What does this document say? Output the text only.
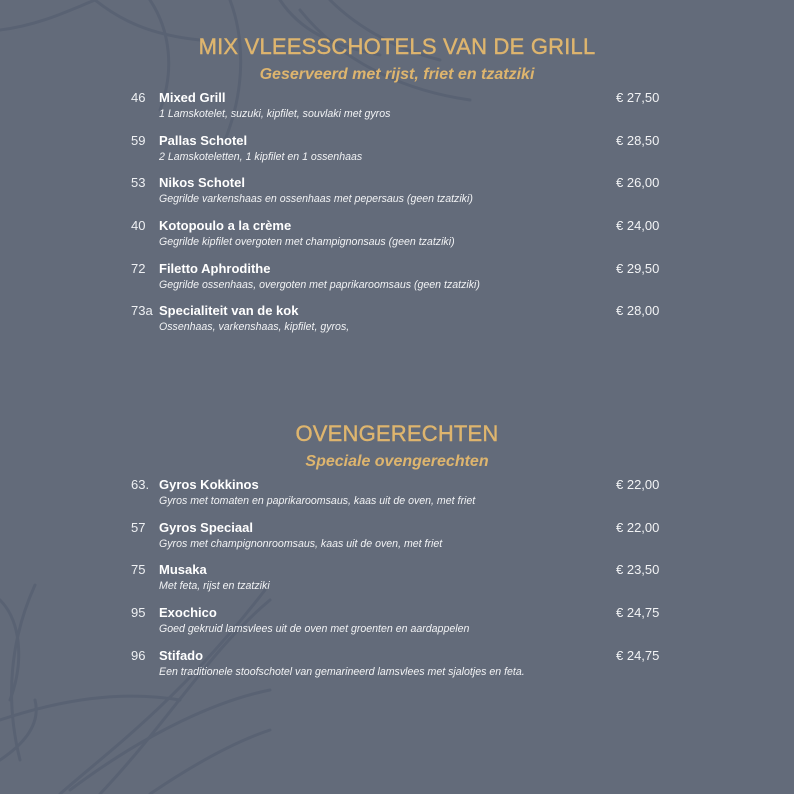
MIX VLEESSCHOTELS VAN DE GRILL
Geserveerd met rijst, friet en tzatziki
46 Mixed Grill
1 Lamskotelet, suzuki, kipfilet, souvlaki met gyros
€ 27,50
59 Pallas Schotel
2 Lamskoteletten, 1 kipfilet en 1 ossenhaas
€ 28,50
53 Nikos Schotel
Gegrilde varkenshaas en ossenhaas met pepersaus (geen tzatziki)
€ 26,00
40 Kotopoulo a la crème
Gegrilde kipfilet overgoten met champignonsaus (geen tzatziki)
€ 24,00
72 Filetto Aphrodithe
Gegrilde ossenhaas, overgoten met paprikaroomsaus (geen tzatziki)
€ 29,50
73a Specialiteit van de kok
Ossenhaas, varkenshaas, kipfilet, gyros,
€ 28,00
OVENGERECHTEN
Speciale ovengerechten
63. Gyros Kokkinos
Gyros met tomaten en paprikaroomsaus, kaas uit de oven, met friet
€ 22,00
57 Gyros Speciaal
Gyros met champignonroomsaus, kaas uit de oven, met friet
€ 22,00
75 Musaka
Met feta, rijst en tzatziki
€ 23,50
95 Exochico
Goed gekruid lamsvlees uit de oven met groenten en aardappelen
€ 24,75
96 Stifado
Een traditionele stoofschotel van gemarineerd lamsvlees met sjalotjes en feta.
€ 24,75
